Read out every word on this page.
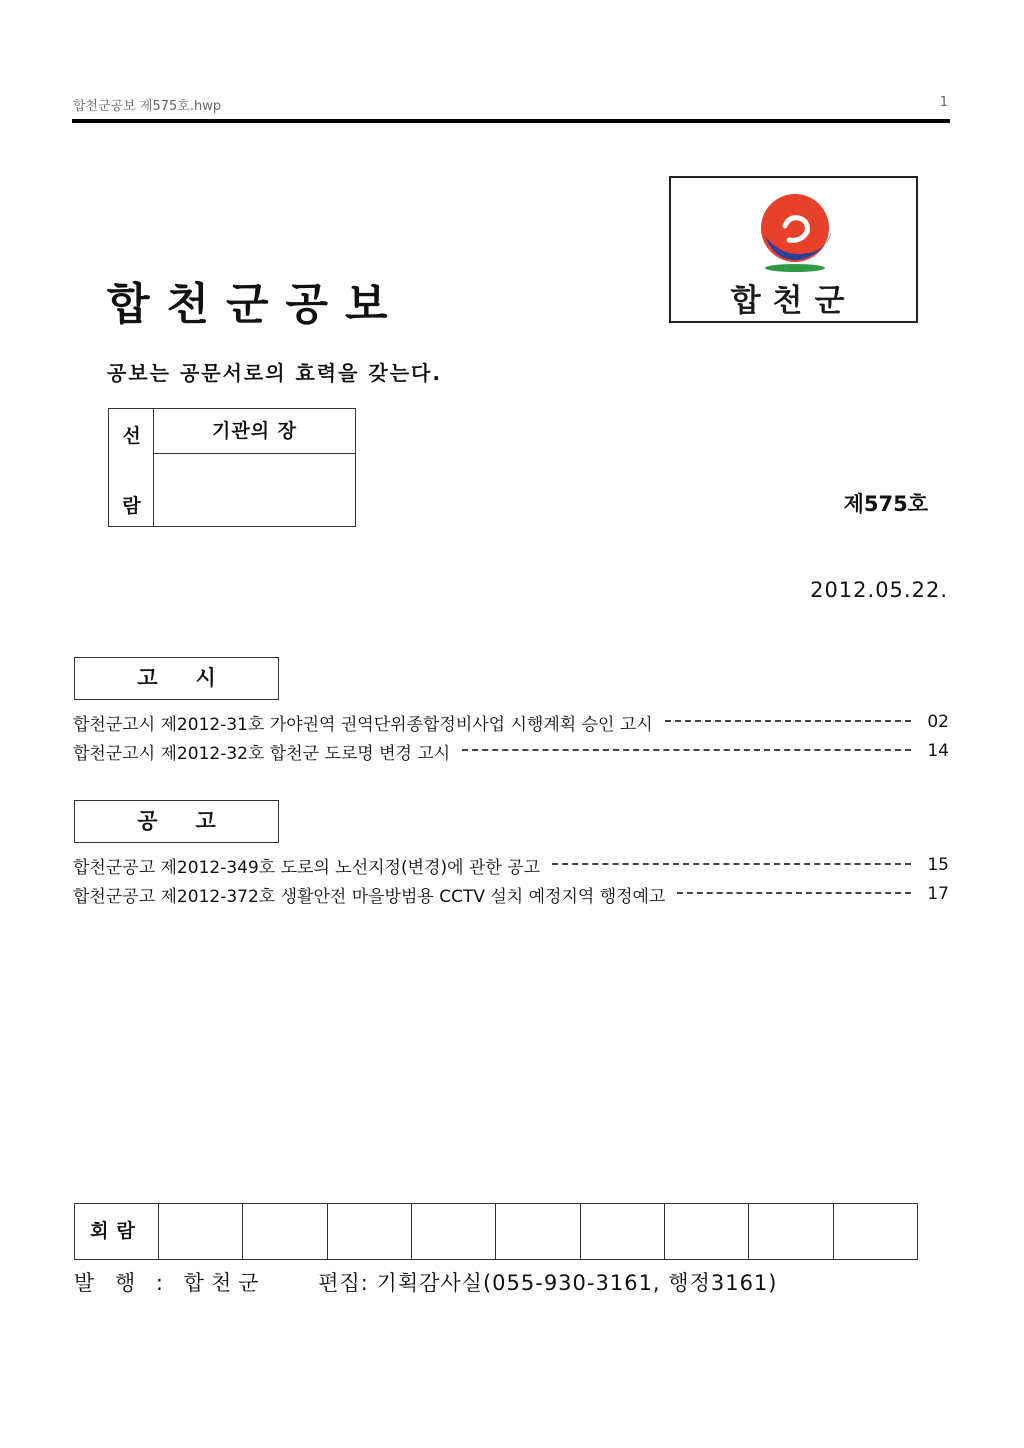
합천군공보 제575호.hwp	1
합천군공보	합천군
공보는 공문서로의 효력을 갖는다.
선
람
기관의 장
제575호
2012.05.22.
고시
합천군고시 제2012-31호 가야권역 권역단위종합정비사업 시행계획 승인 고시	02
합천군고시 제2012-32호 합천군 도로명 변경 고시	14
공고
합천군공고 제2012-349호 도로의 노선지정(변경)에 관한 공고	15
합천군공고 제2012-372호 생활안전 마을방범용 CCTV 설치 예정지역 행정예고	17
회람
발 행 : 합천군	편집: 기획감사실(055-930-3161, 행정3161)
